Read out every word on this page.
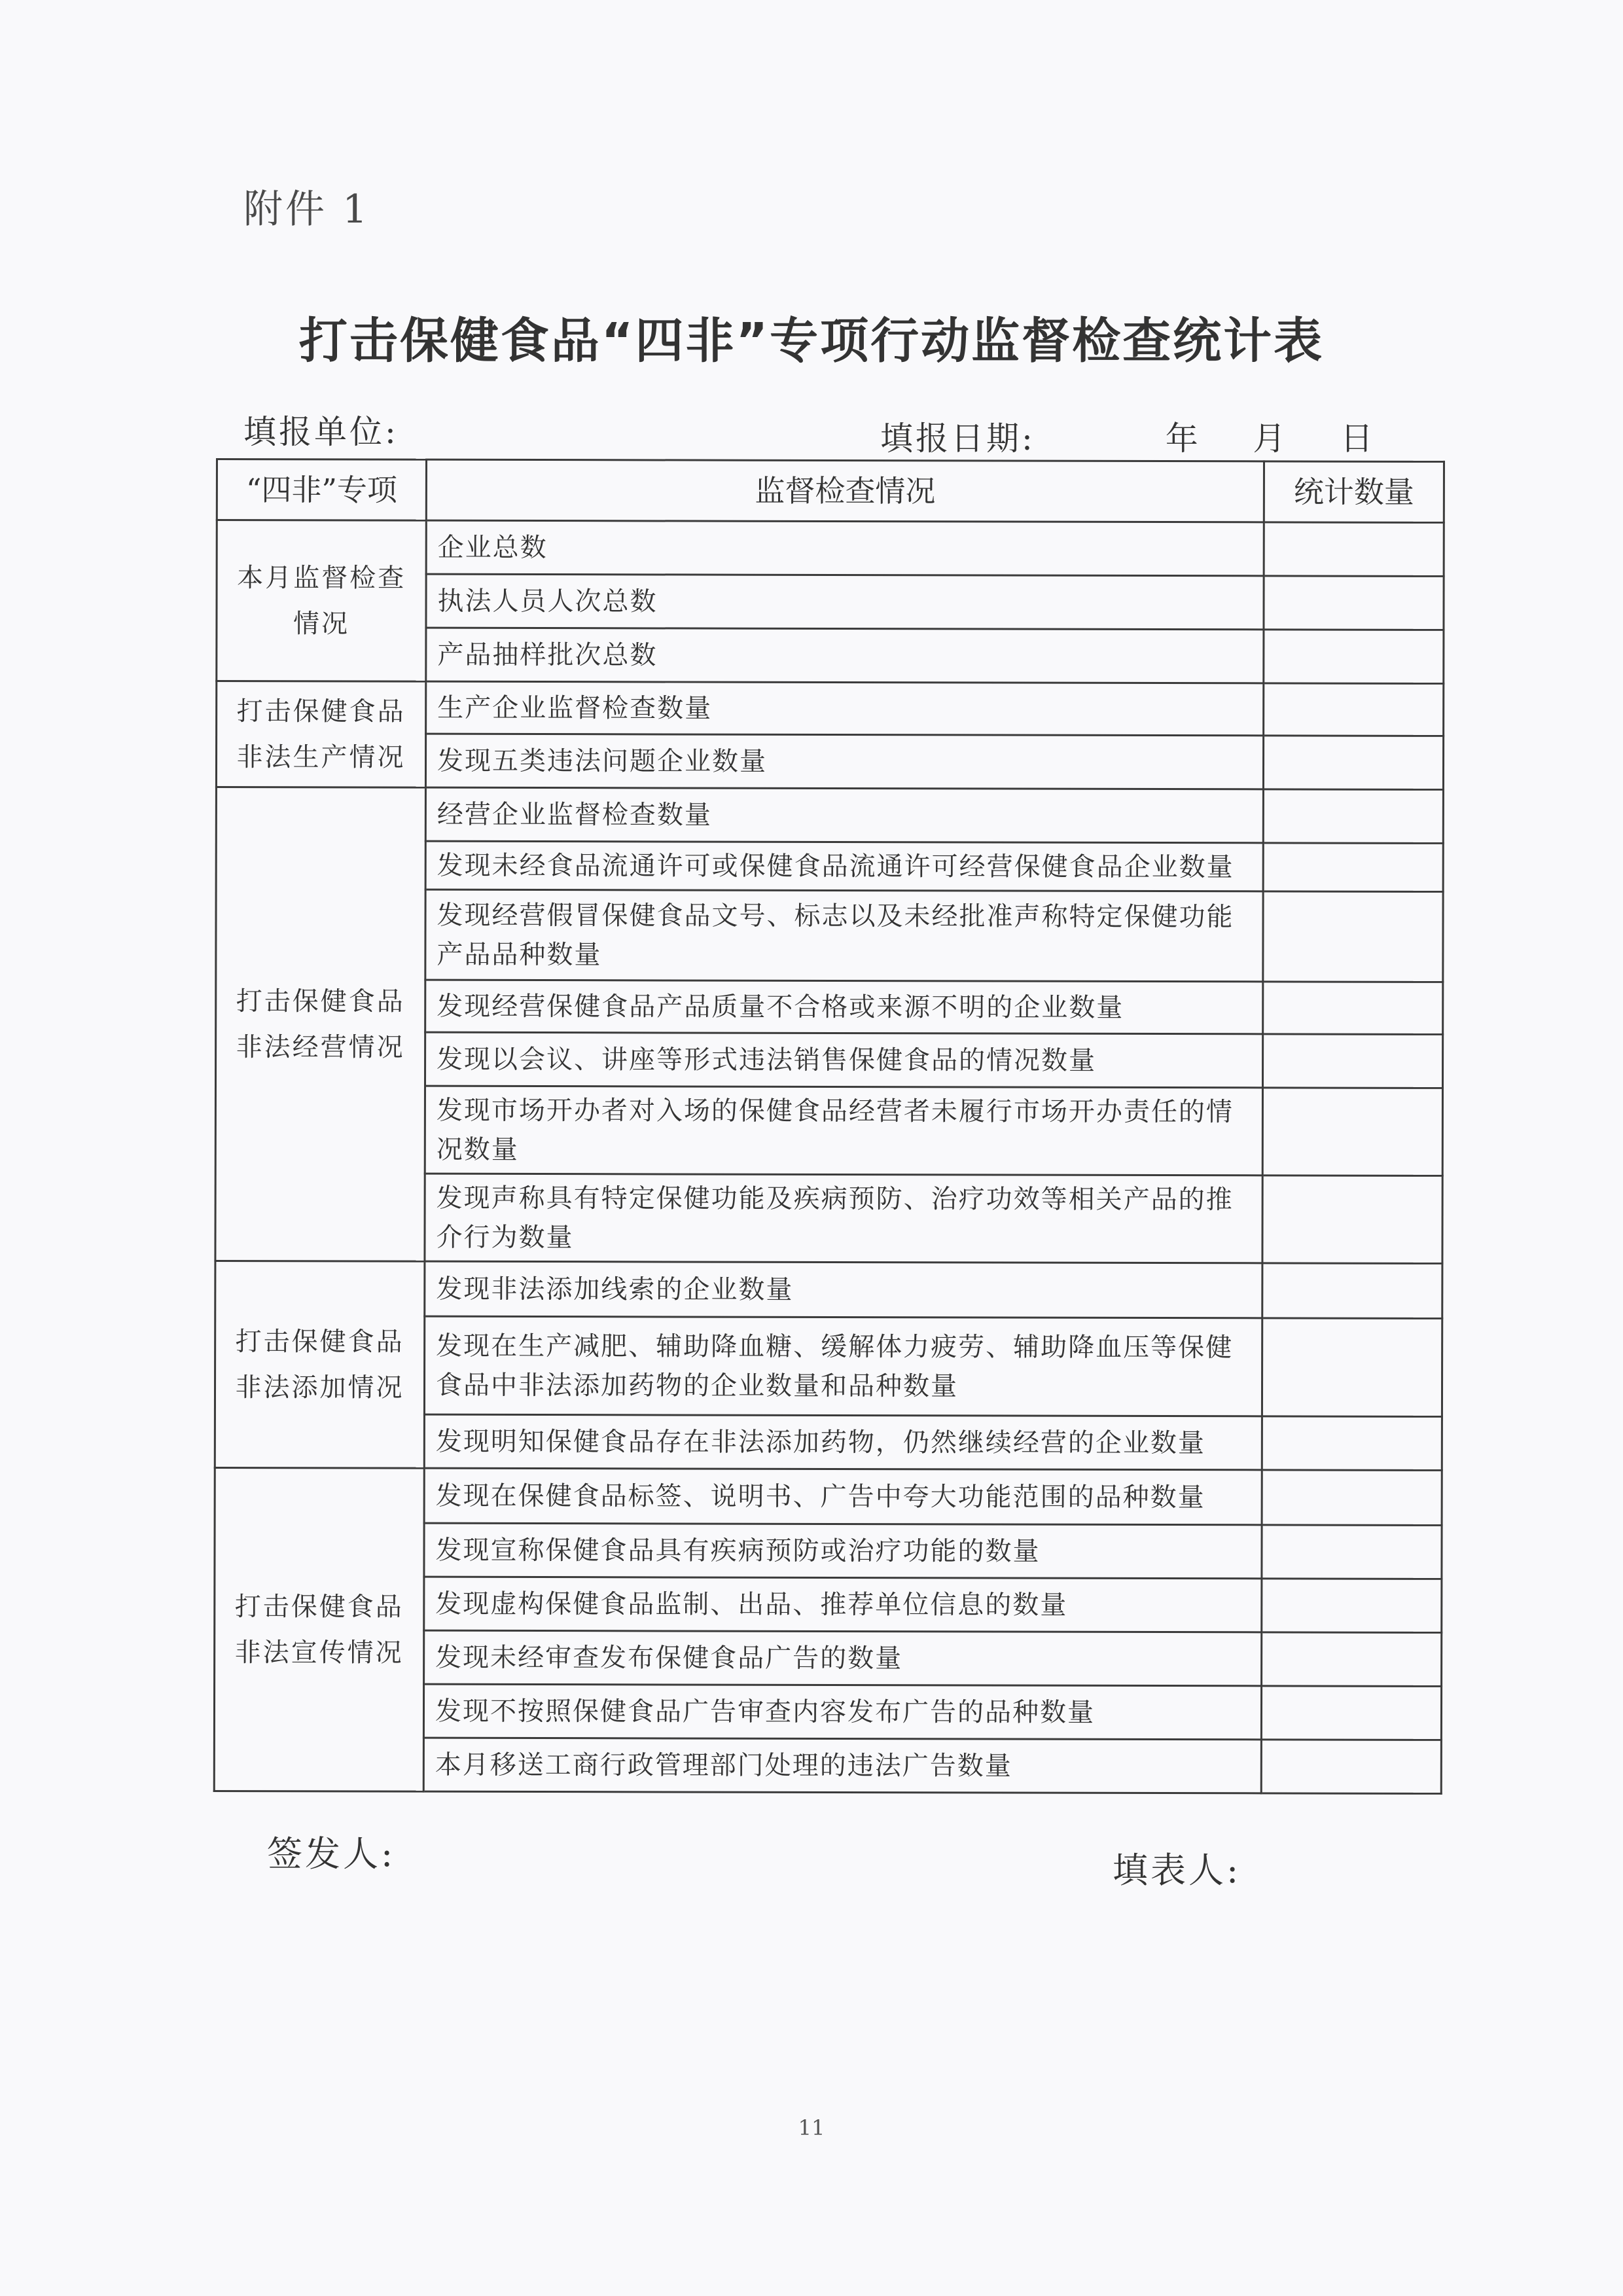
附件 1
打击保健食品“四非”专项行动监督检查统计表
填报单位:	填报日期:	年 月 日
“四非”专项	监督检查情况	统计数量
本月监督检查情况	企业总数	
	执法人员人次总数	
	产品抽样批次总数	
打击保健食品非法生产情况	生产企业监督检查数量	
	发现五类违法问题企业数量	
打击保健食品非法经营情况	经营企业监督检查数量	
	发现未经食品流通许可或保健食品流通许可经营保健食品企业数量	
	发现经营假冒保健食品文号、标志以及未经批准声称特定保健功能产品品种数量	
	发现经营保健食品产品质量不合格或来源不明的企业数量	
	发现以会议、讲座等形式违法销售保健食品的情况数量	
	发现市场开办者对入场的保健食品经营者未履行市场开办责任的情况数量	
	发现声称具有特定保健功能及疾病预防、治疗功效等相关产品的推介行为数量	
打击保健食品非法添加情况	发现非法添加线索的企业数量	
	发现在生产减肥、辅助降血糖、缓解体力疲劳、辅助降血压等保健食品中非法添加药物的企业数量和品种数量	
	发现明知保健食品存在非法添加药物，仍然继续经营的企业数量	
打击保健食品非法宣传情况	发现在保健食品标签、说明书、广告中夸大功能范围的品种数量	
	发现宣称保健食品具有疾病预防或治疗功能的数量	
	发现虚构保健食品监制、出品、推荐单位信息的数量	
	发现未经审查发布保健食品广告的数量	
	发现不按照保健食品广告审查内容发布广告的品种数量	
	本月移送工商行政管理部门处理的违法广告数量	
签发人:	填表人:
11
